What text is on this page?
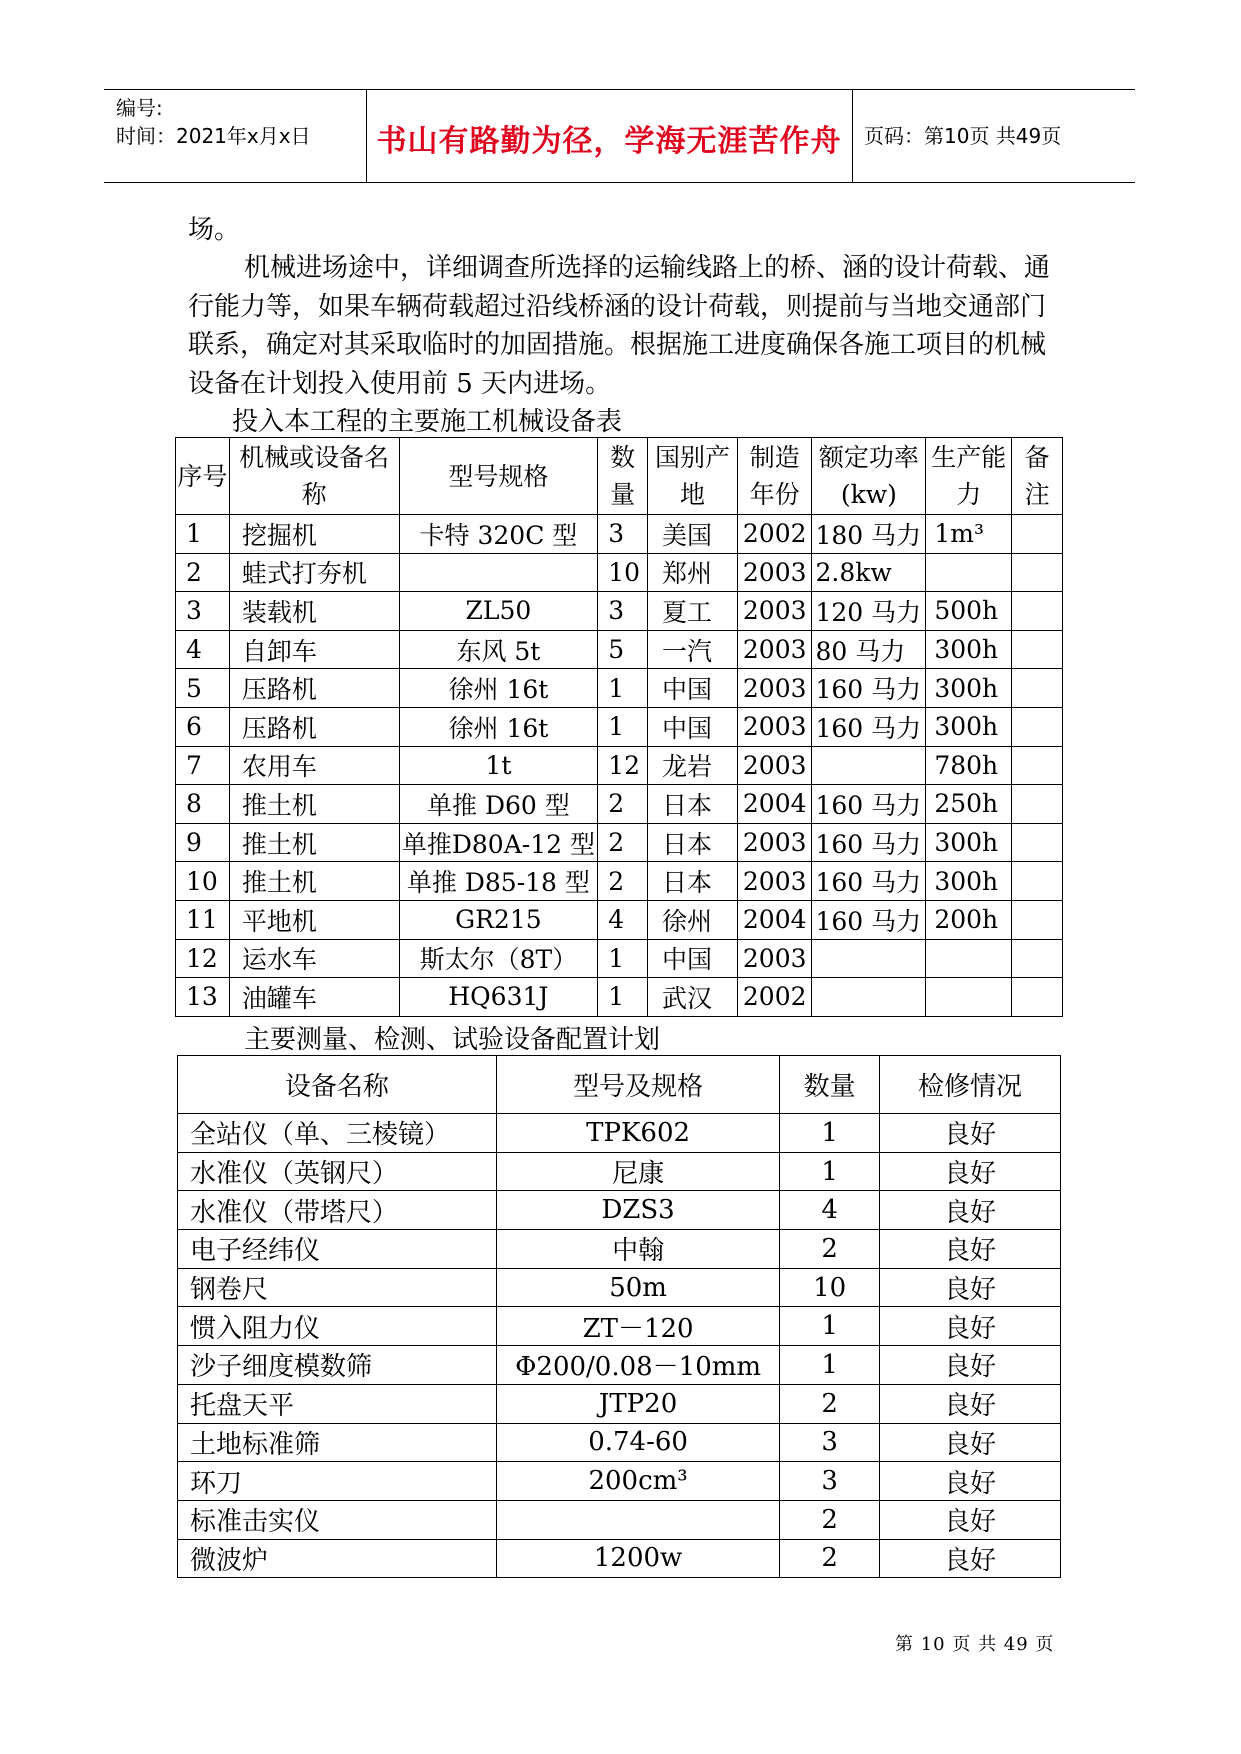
编号:
时间：2021年x月x日	书山有路勤为径，学海无涯苦作舟	页码：第10页 共49页
场。
机械进场途中，详细调查所选择的运输线路上的桥、涵的设计荷载、通行能力等，如果车辆荷载超过沿线桥涵的设计荷载，则提前与当地交通部门联系，确定对其采取临时的加固措施。根据施工进度确保各施工项目的机械设备在计划投入使用前 5 天内进场。
投入本工程的主要施工机械设备表
序号	机械或设备名称	型号规格	数量	国别产地	制造年份	额定功率(kw)	生产能力	备注
1	挖掘机	卡特 320C 型	3	美国	2002	180 马力	1m³	
2	蛙式打夯机		10	郑州	2003	2.8kw		
3	装载机	ZL50	3	夏工	2003	120 马力	500h	
4	自卸车	东风 5t	5	一汽	2003	80 马力	300h	
5	压路机	徐州 16t	1	中国	2003	160 马力	300h	
6	压路机	徐州 16t	1	中国	2003	160 马力	300h	
7	农用车	1t	12	龙岩	2003		780h	
8	推土机	单推 D60 型	2	日本	2004	160 马力	250h	
9	推土机	单推D80A-12 型	2	日本	2003	160 马力	300h	
10	推土机	单推 D85-18 型	2	日本	2003	160 马力	300h	
11	平地机	GR215	4	徐州	2004	160 马力	200h	
12	运水车	斯太尔（8T）	1	中国	2003			
13	油罐车	HQ631J	1	武汉	2002			
主要测量、检测、试验设备配置计划
设备名称	型号及规格	数量	检修情况
全站仪（单、三棱镜）	TPK602	1	良好
水准仪（英钢尺）	尼康	1	良好
水准仪（带塔尺）	DZS3	4	良好
电子经纬仪	中翰	2	良好
钢卷尺	50m	10	良好
惯入阻力仪	ZT－120	1	良好
沙子细度模数筛	Φ200/0.08－10mm	1	良好
托盘天平	JTP20	2	良好
土地标准筛	0.74-60	3	良好
环刀	200cm³	3	良好
标准击实仪		2	良好
微波炉	1200w	2	良好
第 10 页 共 49 页
